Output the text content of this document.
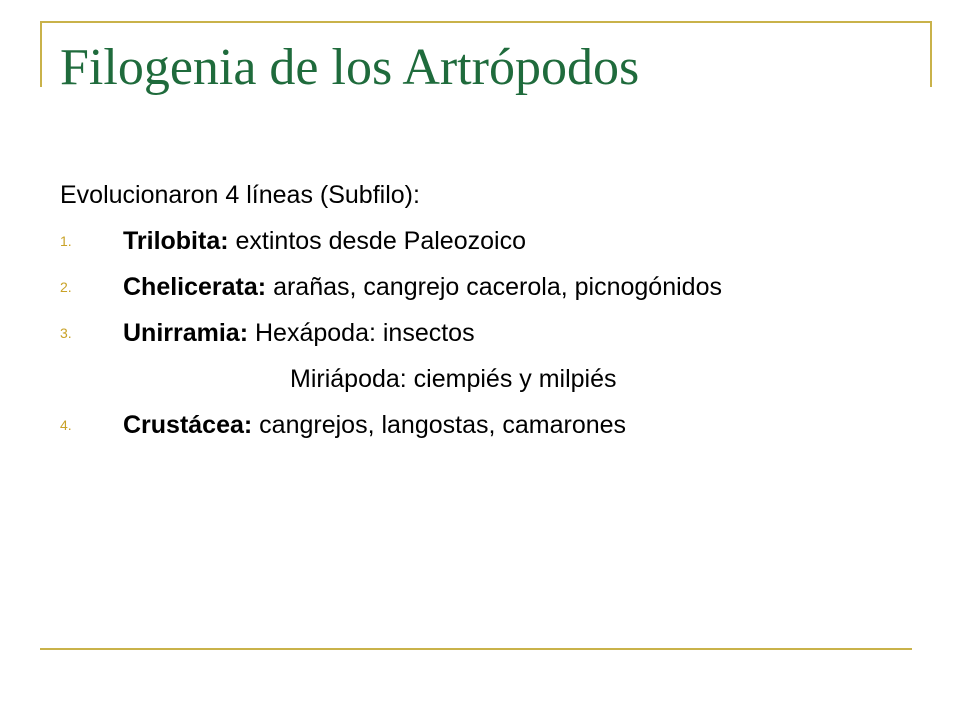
Filogenia de los Artrópodos
Evolucionaron 4 líneas (Subfilo):
1. Trilobita: extintos desde Paleozoico
2. Chelicerata: arañas, cangrejo cacerola, picnogónidos
3. Unirramia: Hexápoda: insectos
Miriápoda: ciempiés y milpiés
4. Crustácea: cangrejos, langostas, camarones
